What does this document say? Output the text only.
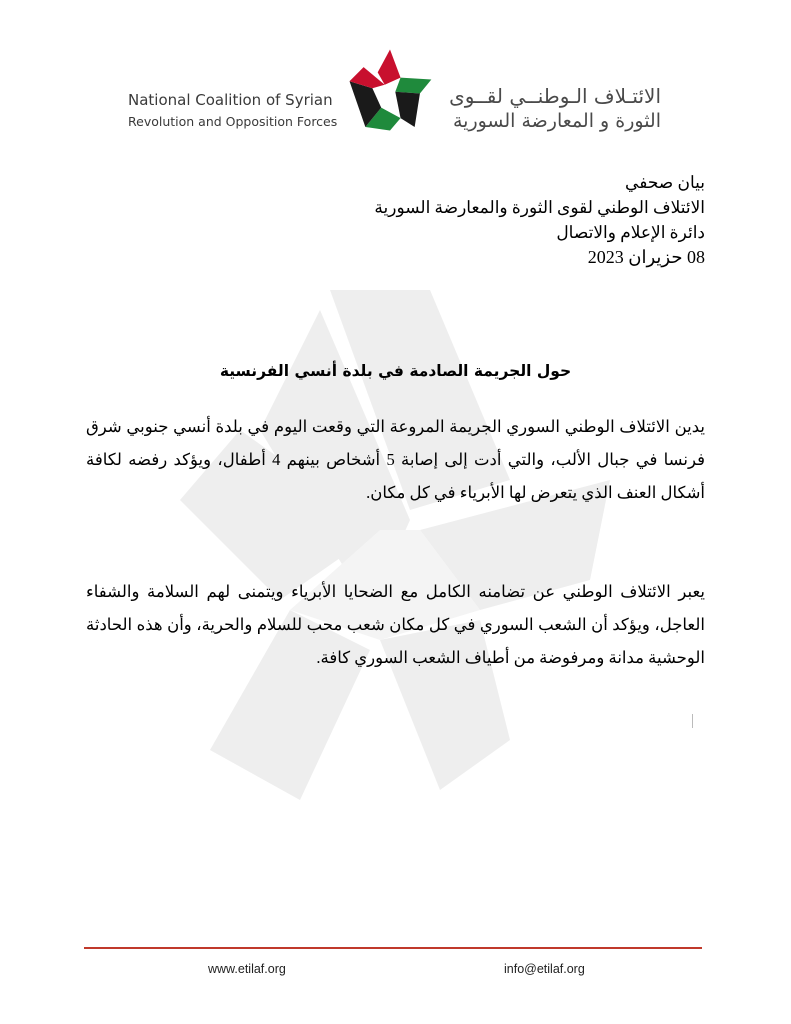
National Coalition of Syrian
Revolution and Opposition Forces
الائتـلاف الـوطنــي لقــوى
الثورة و المعارضة السورية
بيان صحفي
الائتلاف الوطني لقوى الثورة والمعارضة السورية
دائرة الإعلام والاتصال
08 حزيران 2023
حول الجريمة الصادمة في بلدة أنسي الفرنسية
يدين الائتلاف الوطني السوري الجريمة المروعة التي وقعت اليوم في بلدة أنسي جنوبي شرق فرنسا في جبال الألب، والتي أدت إلى إصابة 5 أشخاص بينهم 4 أطفال، ويؤكد رفضه لكافة أشكال العنف الذي يتعرض لها الأبرياء في كل مكان.
يعبر الائتلاف الوطني عن تضامنه الكامل مع الضحايا الأبرياء ويتمنى لهم السلامة والشفاء العاجل، ويؤكد أن الشعب السوري في كل مكان شعب محب للسلام والحرية، وأن هذه الحادثة الوحشية مدانة ومرفوضة من أطياف الشعب السوري كافة.
www.etilaf.org	info@etilaf.org
